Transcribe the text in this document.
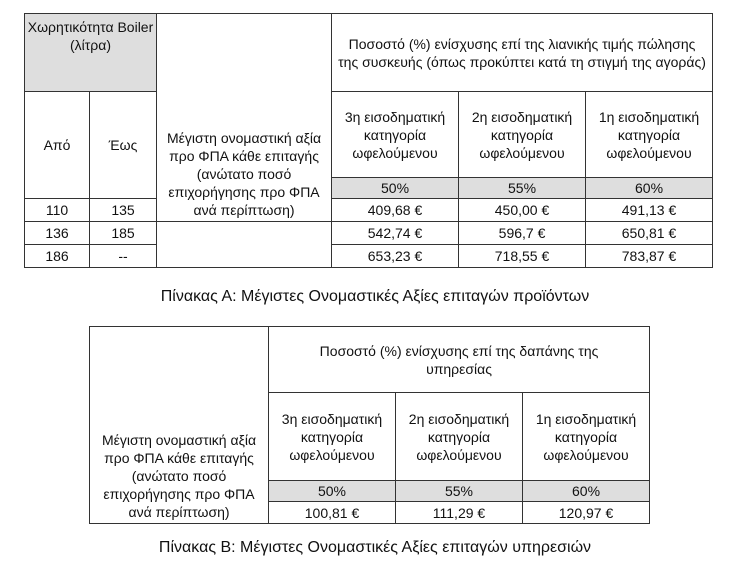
Χωρητικότητα Boiler (λίτρα)		Μέγιστη ονομαστική αξία προ ΦΠΑ κάθε επιταγής (ανώτατο ποσό επιχορήγησης προ ΦΠΑ ανά περίπτωση)	Ποσοστό (%) ενίσχυσης επί της λιανικής τιμής πώλησης της συσκευής (όπως προκύπτει κατά τη στιγμή της αγοράς)		
Από	Έως		3η εισοδηματική κατηγορία ωφελούμενου	2η εισοδηματική κατηγορία ωφελούμενου	1η εισοδηματική κατηγορία ωφελούμενου
			50%	55%	60%
110	135		409,68 €	450,00 €	491,13 €
136	185		542,74 €	596,7 €	650,81 €
186	--		653,23 €	718,55 €	783,87 €
Πίνακας Α: Μέγιστες Ονομαστικές Αξίες επιταγών προϊόντων
Μέγιστη ονομαστική αξία προ ΦΠΑ κάθε επιταγής (ανώτατο ποσό επιχορήγησης προ ΦΠΑ ανά περίπτωση)	Ποσοστό (%) ενίσχυσης επί της δαπάνης της υπηρεσίας		
	3η εισοδηματική κατηγορία ωφελούμενου	2η εισοδηματική κατηγορία ωφελούμενου	1η εισοδηματική κατηγορία ωφελούμενου
	50%	55%	60%
	100,81 €	111,29 €	120,97 €
Πίνακας Β: Μέγιστες Ονομαστικές Αξίες επιταγών υπηρεσιών
